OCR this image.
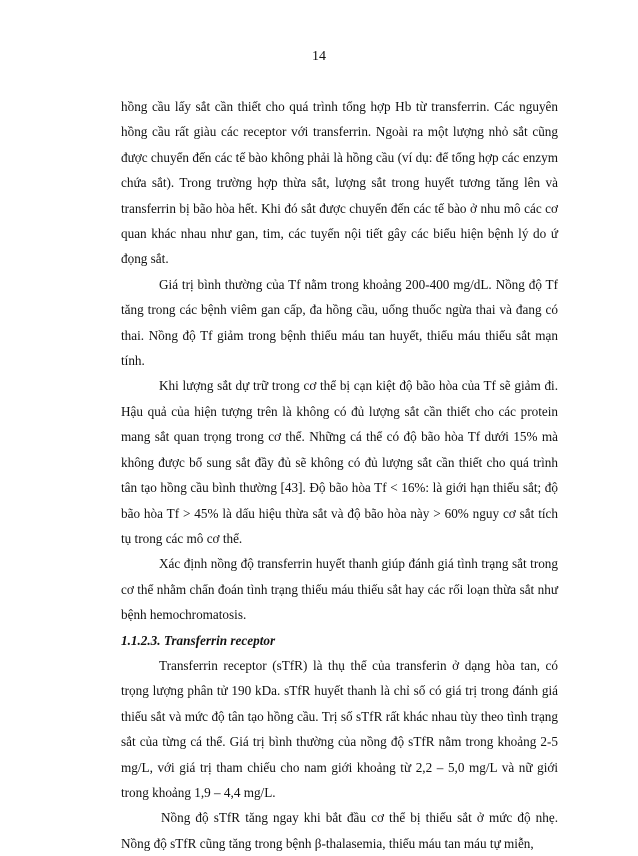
14

hồng cầu lấy sắt cần thiết cho quá trình tổng hợp Hb từ transferrin. Các nguyên hồng cầu rất giàu các receptor với transferrin. Ngoài ra một lượng nhỏ sắt cũng được chuyển đến các tế bào không phải là hồng cầu (ví dụ: để tổng hợp các enzym chứa sắt). Trong trường hợp thừa sắt, lượng sắt trong huyết tương tăng lên và transferrin bị bão hòa hết. Khi đó sắt được chuyển đến các tế bào ở nhu mô các cơ quan khác nhau như gan, tim, các tuyến nội tiết gây các biểu hiện bệnh lý do ứ đọng sắt.

Giá trị bình thường của Tf nằm trong khoảng 200-400 mg/dL. Nồng độ Tf tăng trong các bệnh viêm gan cấp, đa hồng cầu, uống thuốc ngừa thai và đang có thai. Nồng độ Tf giảm trong bệnh thiếu máu tan huyết, thiếu máu thiếu sắt mạn tính.

Khi lượng sắt dự trữ trong cơ thể bị cạn kiệt độ bão hòa của Tf sẽ giảm đi. Hậu quả của hiện tượng trên là không có đủ lượng sắt cần thiết cho các protein mang sắt quan trọng trong cơ thể. Những cá thể có độ bão hòa Tf dưới 15% mà không được bổ sung sắt đầy đủ sẽ không có đủ lượng sắt cần thiết cho quá trình tân tạo hồng cầu bình thường [43]. Độ bão hòa Tf < 16%: là giới hạn thiếu sắt; độ bão hòa Tf > 45% là dấu hiệu thừa sắt và độ bão hòa này > 60% nguy cơ sắt tích tụ trong các mô cơ thể.

Xác định nồng độ transferrin huyết thanh giúp đánh giá tình trạng sắt trong cơ thể nhằm chẩn đoán tình trạng thiếu máu thiếu sắt hay các rối loạn thừa sắt như bệnh hemochromatosis.

1.1.2.3. Transferrin receptor

Transferrin receptor (sTfR) là thụ thể của transferin ở dạng hòa tan, có trọng lượng phân tử 190 kDa. sTfR huyết thanh là chỉ số có giá trị trong đánh giá thiếu sắt và mức độ tân tạo hồng cầu. Trị số sTfR rất khác nhau tùy theo tình trạng sắt của từng cá thể. Giá trị bình thường của nồng độ sTfR nằm trong khoảng 2-5 mg/L, với giá trị tham chiếu cho nam giới khoảng từ 2,2 – 5,0 mg/L và nữ giới trong khoảng 1,9 – 4,4 mg/L.

Nồng độ sTfR tăng ngay khi bắt đầu cơ thể bị thiếu sắt ở mức độ nhẹ. Nồng độ sTfR cũng tăng trong bệnh β-thalasemia, thiếu máu tan máu tự miễn,
